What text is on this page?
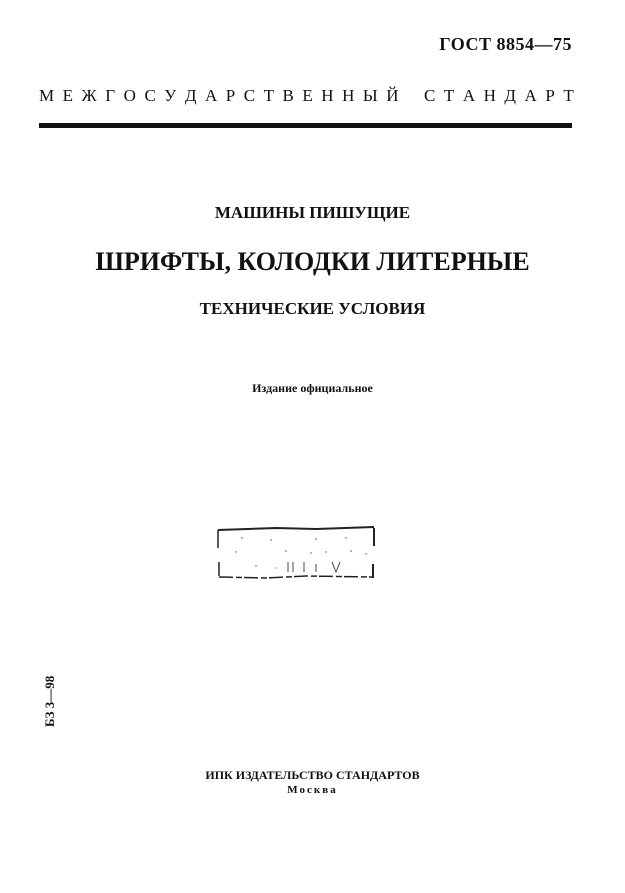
ГОСТ 8854—75
М Е Ж Г О С У Д А Р С Т В Е Н Н Ы Й
С Т А Н Д А Р Т
МАШИНЫ ПИШУЩИЕ
ШРИФТЫ, КОЛОДКИ ЛИТЕРНЫЕ
ТЕХНИЧЕСКИЕ УСЛОВИЯ
Издание официальное
БЗ 3—98
ИПК ИЗДАТЕЛЬСТВО СТАНДАРТОВ
Москва
